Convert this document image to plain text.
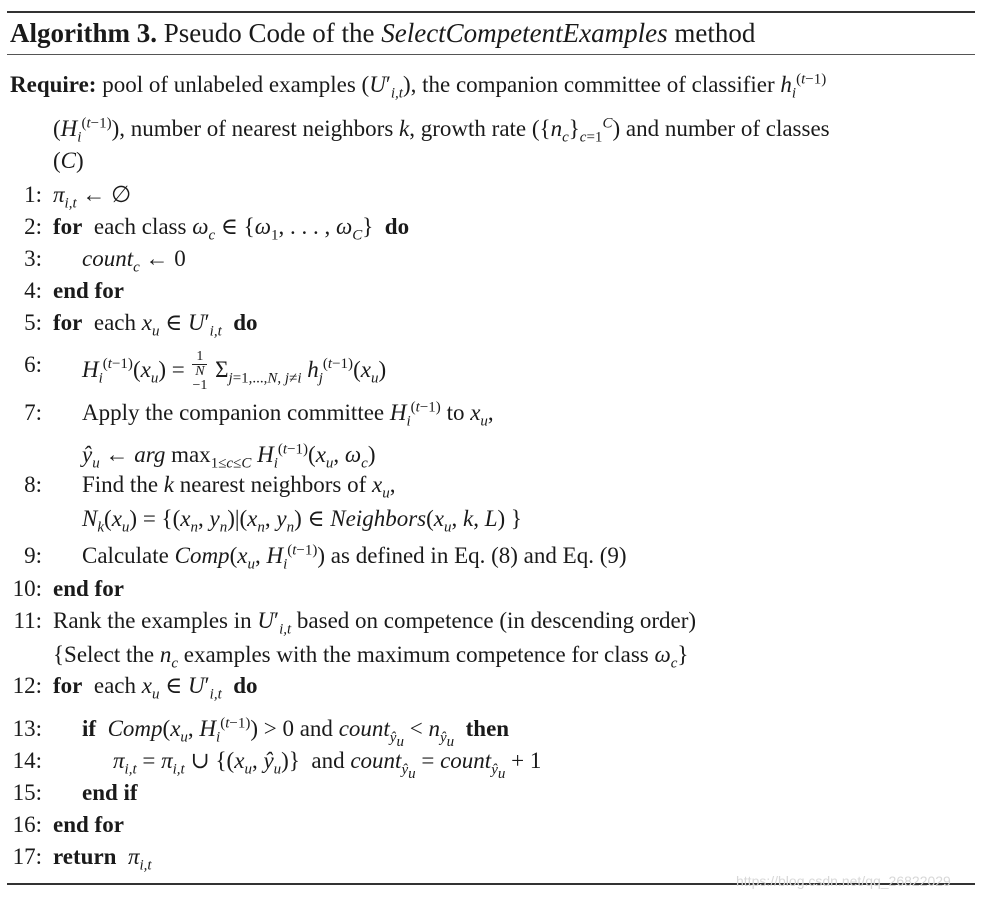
Algorithm 3. Pseudo Code of the SelectCompetentExamples method
Require: pool of unlabeled examples $(U'_{i,t})$, the companion committee of classifier $h_i^{(t-1)}$
$(H_i^{(t-1)})$, number of nearest neighbors k, growth rate $(\{n_c\}_{c=1}^C)$ and number of classes
(C)
1: $\pi_{i,t}$ ← ∅
2: for  each class $\omega_c$ ∈ {$\omega_1$, . . . , $\omega_C$}  do
3: count$_c$ ← 0
4: end for
5: for  each $x_u$ ∈ $U'_{i,t}$ do
6: $H_i^{(t-1)}(x_u) = 1$
N
−1 $\Sigma_{j=1,...,N, j\ne i}$ $h_j^{(t-1)}(x_u)$
7: Apply the companion committee $H_i^{(t-1)}$ to $x_u$,
$ŷ_u$ ← arg $\max_{1\le c\le C} H_i^{(t-1)}(x_u$, $\omega_c$)
8: Find the k nearest neighbors of $x_u$,
$N_k(x_u) = \{(x_n$, $y_n)|(x_n$, $y_n$) ∈ $Neighbors(x_u$, k, L) }
9: Calculate $Comp(x_u$, $H_i^{(t-1)}$) as defined in Eq. (8) and Eq. (9)
10: end for
11: Rank the examples in $U'_{i,t}$ based on competence (in descending order)
{Select the $n_c$ examples with the maximum competence for class $\omega_c$}
12: for  each $x_u$ ∈ $U'_{i,t}$ do
13: if $Comp(x_u$, $H_i^{(t-1)}) > 0$ and count$_{ŷ_u}$ < $n_{ŷ_u}$  then
14:	$\pi_{i,t} = \pi_{i,t}$ ∪ {($x_u$, $ŷ_u$)}  and count$_{ŷ_u}$ = count$_{ŷ_u}$ + 1
15: end if
16: end for
17: return $\pi_{i,t}$
https://blog.csdn.net/qq_26822029
